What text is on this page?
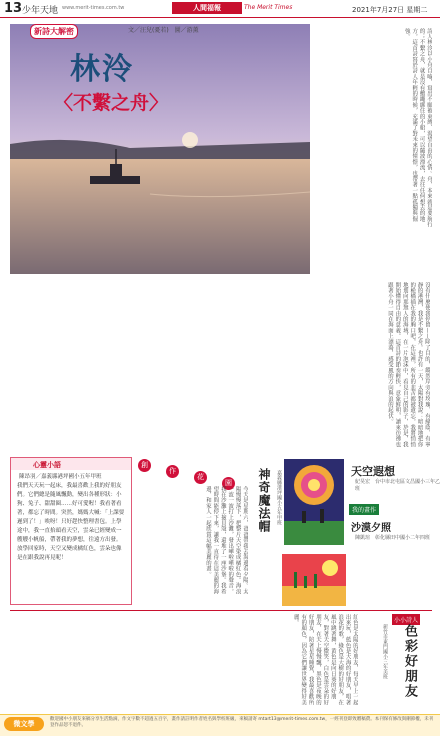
13 少年天地 www.merit-times.com.tw	人間福報	The Merit Times	2021年7月27日 星期二
新詩大解密	文／汪兒(憂若)　圖／游薰
林泠
〈不繫之舟〉	詩人林泠以小舟自喻，寫出不願被束縛、渴望自由的心情。舟，本來就是要航行的；不繫之舟，就是沒有纜繩綁住的小船，可以隨波漂流，去往任何想去的地方。這首詩寫於詩人年輕的時候，充滿了對未來的憧憬，也帶著一點孤獨與倔強。
沒有什麼使我停留——除了目的，縱然岸旁有玫瑰、有綠蔭、有寧靜的港灣，我是不繫之舟。也許有一天，太陽對我說：暗暗地把你的桅檣插在我的胸口吧，在這裡，所有的悲苦都被遺忘。我將悄悄地划向那無人的海域，在一片泡沫中，看見自己的影子，於是，我開始懂得自由的意義。這首詩的節奏輕快，意象鮮明，讀來彷彿也跟著小舟一同在海面上漂蕩，感受風的方向與浪的起伏。
心靈小語
陳昂羽／嘉義縣港坪國小五年甲班
我們天天玩一起床，我最喜歡上我的好朋友們。它們總是隨風飄動，變出各種形狀：小狗、兔子、甜甜圈……好可愛喔！我看著看著，都忘了時間。突然，媽媽大喊：「上課要遲到了！」唉呀！只好趕快整理書包。上學途中，我一直抬頭看天空，雲朵已經變成一艘艘小帆船，帶著我的夢想，往遠方出發。放學回家時，天空又變成橘紅色，雲朵也像是在跟我說再見呢！
創
作
花
園
今天是星期六，爸爸帶我去海邊看夕陽。太陽慢慢落下，把整片天空染成橘紅色。海浪一波一波打上沙灘，發出嘩啦嘩啦的聲音。我在沙灘上撿貝殼，還堆了一座沙堡。我希望時間能停下來，讓我一直待在這美麗的海邊，和家人一起欣賞這幅美麗的畫。	神奇魔法帽	嘉義縣港坪國小五年甲班	天空遐想
紀昊宏　台中市北屯區文昌國小三年乙班
我的畫作
沙漠夕照
陳凱瑄　彰化縣田中國小二年四班
紅色是太陽的好朋友，每天早上一起出來玩，藍色是大海的好朋友，唱著浪花的歌，綠色是大樹的好朋友，在風中跳著舞，黃色是向日葵的好朋友，對著天空微笑，白色是雲朵的好朋友，在天上慢慢飄，黑色是夜晚的好朋友，陪著星星睡覺，我最喜歡所有的顏色，因為它們讓世界變得好美麗。	小小詩人
色彩好朋友
新竹市東門國小三年美班
微文學
歡迎國中小朋友來稿分享生活點滴，作文字數不超過五百字，畫作請註明作者姓名與學校班級，來稿請寄 mtart13@merit-times.com.tw，一經刊登即致贈稿費。本刊保有修改與刪節權，未刊登作品恕不退件。
